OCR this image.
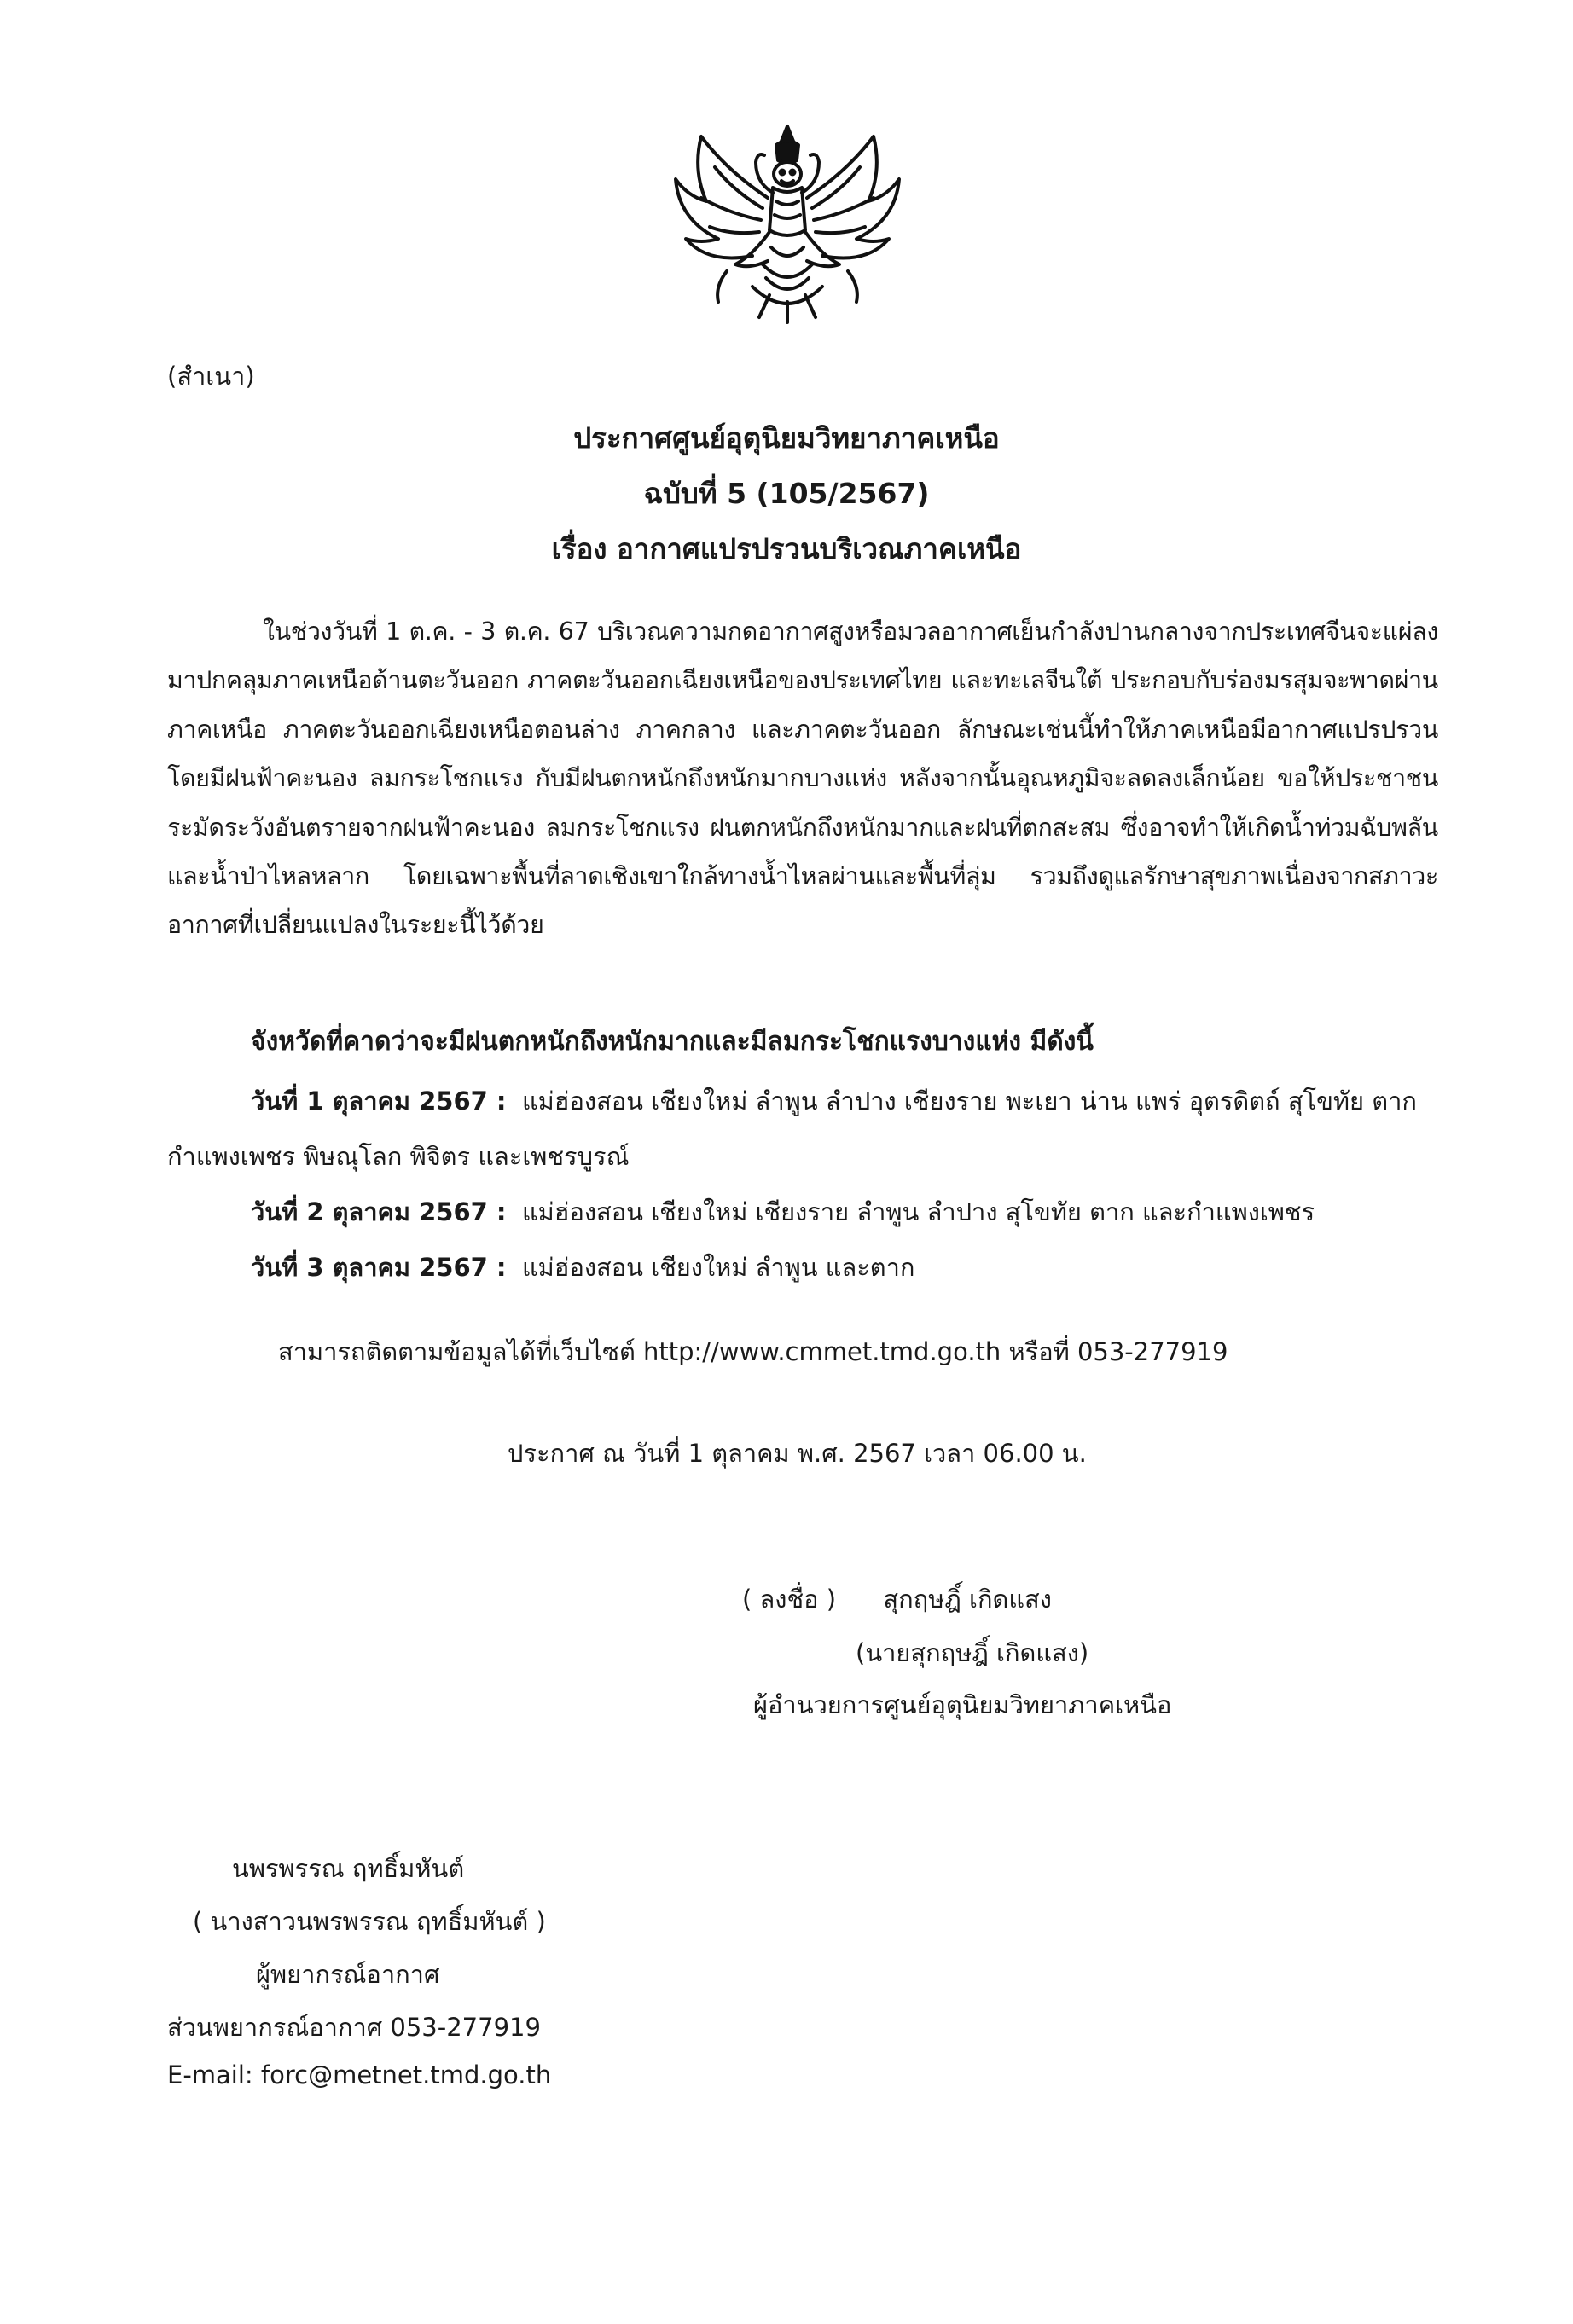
(สำเนา)
ประกาศศูนย์อุตุนิยมวิทยาภาคเหนือ
ฉบับที่ 5 (105/2567)
เรื่อง อากาศแปรปรวนบริเวณภาคเหนือ

ในช่วงวันที่ 1 ต.ค. - 3 ต.ค. 67 บริเวณความกดอากาศสูงหรือมวลอากาศเย็นกำลังปานกลางจากประเทศจีนจะแผ่ลงมาปกคลุมภาคเหนือด้านตะวันออก ภาคตะวันออกเฉียงเหนือของประเทศไทย และทะเลจีนใต้ ประกอบกับร่องมรสุมจะพาดผ่านภาคเหนือ ภาคตะวันออกเฉียงเหนือตอนล่าง ภาคกลาง และภาคตะวันออก ลักษณะเช่นนี้ทำให้ภาคเหนือมีอากาศแปรปรวน โดยมีฝนฟ้าคะนอง ลมกระโชกแรง กับมีฝนตกหนักถึงหนักมากบางแห่ง หลังจากนั้นอุณหภูมิจะลดลงเล็กน้อย ขอให้ประชาชนระมัดระวังอันตรายจากฝนฟ้าคะนอง ลมกระโชกแรง ฝนตกหนักถึงหนักมากและฝนที่ตกสะสม ซึ่งอาจทำให้เกิดน้ำท่วมฉับพลันและน้ำป่าไหลหลาก โดยเฉพาะพื้นที่ลาดเชิงเขาใกล้ทางน้ำไหลผ่านและพื้นที่ลุ่ม รวมถึงดูแลรักษาสุขภาพเนื่องจากสภาวะอากาศที่เปลี่ยนแปลงในระยะนี้ไว้ด้วย

จังหวัดที่คาดว่าจะมีฝนตกหนักถึงหนักมากและมีลมกระโชกแรงบางแห่ง มีดังนี้
วันที่ 1 ตุลาคม 2567 : แม่ฮ่องสอน เชียงใหม่ ลำพูน ลำปาง เชียงราย พะเยา น่าน แพร่ อุตรดิตถ์ สุโขทัย ตาก
กำแพงเพชร พิษณุโลก พิจิตร และเพชรบูรณ์
วันที่ 2 ตุลาคม 2567 : แม่ฮ่องสอน เชียงใหม่ เชียงราย ลำพูน ลำปาง สุโขทัย ตาก และกำแพงเพชร
วันที่ 3 ตุลาคม 2567 : แม่ฮ่องสอน เชียงใหม่ ลำพูน และตาก
สามารถติดตามข้อมูลได้ที่เว็บไซต์ http://www.cmmet.tmd.go.th หรือที่ 053-277919
ประกาศ ณ วันที่ 1 ตุลาคม พ.ศ. 2567 เวลา 06.00 น.
( ลงชื่อ ) สุกฤษฎิ์ เกิดแสง
(นายสุกฤษฎิ์ เกิดแสง)
ผู้อำนวยการศูนย์อุตุนิยมวิทยาภาคเหนือ
นพรพรรณ ฤทธิ์มหันต์
( นางสาวนพรพรรณ ฤทธิ์มหันต์ )
ผู้พยากรณ์อากาศ
ส่วนพยากรณ์อากาศ 053-277919
E-mail: forc@metnet.tmd.go.th
